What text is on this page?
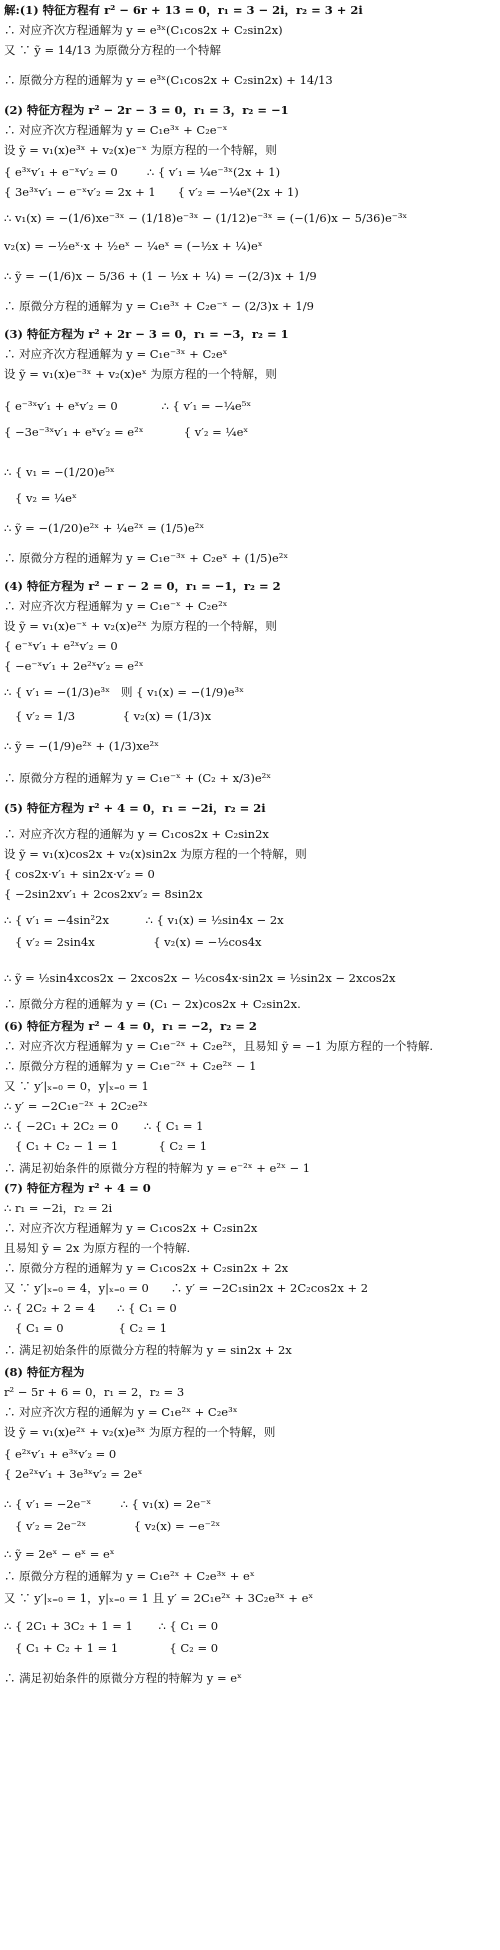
解:(1) 特征方程有 r² − 6r + 13 = 0，r₁ = 3 − 2i，r₂ = 3 + 2i
∴ 对应齐次方程通解为 y = e³ˣ(C₁cos2x + C₂sin2x)
又 ∵ ỹ = 14/13 为原微分方程的一个特解
∴ 原微分方程的通解为 y = e³ˣ(C₁cos2x + C₂sin2x) + 14/13
(2) 特征方程为 r² − 2r − 3 = 0，r₁ = 3，r₂ = −1
∴ 对应齐次方程通解为 y = C₁e³ˣ + C₂e⁻ˣ
设 ỹ = v₁(x)e³ˣ + v₂(x)e⁻ˣ 为原方程的一个特解，则
{ e³ˣv′₁ + e⁻ˣv′₂ = 0        ∴ { v′₁ = ¼e⁻³ˣ(2x + 1)
{ 3e³ˣv′₁ − e⁻ˣv′₂ = 2x + 1      { v′₂ = −¼eˣ(2x + 1)
∴ v₁(x) = −(1/6)xe⁻³ˣ − (1/18)e⁻³ˣ − (1/12)e⁻³ˣ = (−(1/6)x − 5/36)e⁻³ˣ
v₂(x) = −½eˣ·x + ½eˣ − ¼eˣ = (−½x + ¼)eˣ
∴ ỹ = −(1/6)x − 5/36 + (1 − ½x + ¼) = −(2/3)x + 1/9
∴ 原微分方程的通解为 y = C₁e³ˣ + C₂e⁻ˣ − (2/3)x + 1/9
(3) 特征方程为 r² + 2r − 3 = 0，r₁ = −3，r₂ = 1
∴ 对应齐次方程通解为 y = C₁e⁻³ˣ + C₂eˣ
设 ỹ = v₁(x)e⁻³ˣ + v₂(x)eˣ 为原方程的一个特解，则
{ e⁻³ˣv′₁ + eˣv′₂ = 0            ∴ { v′₁ = −¼e⁵ˣ
{ −3e⁻³ˣv′₁ + eˣv′₂ = e²ˣ           { v′₂ = ¼eˣ
∴ { v₁ = −(1/20)e⁵ˣ
{ v₂ = ¼eˣ
∴ ỹ = −(1/20)e²ˣ + ¼e²ˣ = (1/5)e²ˣ
∴ 原微分方程的通解为 y = C₁e⁻³ˣ + C₂eˣ + (1/5)e²ˣ
(4) 特征方程为 r² − r − 2 = 0，r₁ = −1，r₂ = 2
∴ 对应齐次方程通解为 y = C₁e⁻ˣ + C₂e²ˣ
设 ỹ = v₁(x)e⁻ˣ + v₂(x)e²ˣ 为原方程的一个特解，则
{ e⁻ˣv′₁ + e²ˣv′₂ = 0
{ −e⁻ˣv′₁ + 2e²ˣv′₂ = e²ˣ
∴ { v′₁ = −(1/3)e³ˣ   则 { v₁(x) = −(1/9)e³ˣ
{ v′₂ = 1/3             { v₂(x) = (1/3)x
∴ ỹ = −(1/9)e²ˣ + (1/3)xe²ˣ
∴ 原微分方程的通解为 y = C₁e⁻ˣ + (C₂ + x/3)e²ˣ
(5) 特征方程为 r² + 4 = 0，r₁ = −2i，r₂ = 2i
∴ 对应齐次方程的通解为 y = C₁cos2x + C₂sin2x
设 ỹ = v₁(x)cos2x + v₂(x)sin2x 为原方程的一个特解，则
{ cos2x·v′₁ + sin2x·v′₂ = 0
{ −2sin2xv′₁ + 2cos2xv′₂ = 8sin2x
∴ { v′₁ = −4sin²2x          ∴ { v₁(x) = ½sin4x − 2x
{ v′₂ = 2sin4x                { v₂(x) = −½cos4x
∴ ỹ = ½sin4xcos2x − 2xcos2x − ½cos4x·sin2x = ½sin2x − 2xcos2x
∴ 原微分方程的通解为 y = (C₁ − 2x)cos2x + C₂sin2x.
(6) 特征方程为 r² − 4 = 0，r₁ = −2，r₂ = 2
∴ 对应齐次方程通解为 y = C₁e⁻²ˣ + C₂e²ˣ，且易知 ỹ = −1 为原方程的一个特解.
∴ 原微分方程的通解为 y = C₁e⁻²ˣ + C₂e²ˣ − 1
又 ∵ y′|ₓ₌₀ = 0，y|ₓ₌₀ = 1
∴ y′ = −2C₁e⁻²ˣ + 2C₂e²ˣ
∴ { −2C₁ + 2C₂ = 0       ∴ { C₁ = 1
{ C₁ + C₂ − 1 = 1           { C₂ = 1
∴ 满足初始条件的原微分方程的特解为 y = e⁻²ˣ + e²ˣ − 1
(7) 特征方程为 r² + 4 = 0
∴ r₁ = −2i，r₂ = 2i
∴ 对应齐次方程通解为 y = C₁cos2x + C₂sin2x
且易知 ỹ = 2x 为原方程的一个特解.
∴ 原微分方程的通解为 y = C₁cos2x + C₂sin2x + 2x
又 ∵ y′|ₓ₌₀ = 4，y|ₓ₌₀ = 0      ∴ y′ = −2C₁sin2x + 2C₂cos2x + 2
∴ { 2C₂ + 2 = 4      ∴ { C₁ = 0
{ C₁ = 0               { C₂ = 1
∴ 满足初始条件的原微分方程的特解为 y = sin2x + 2x
(8) 特征方程为
r² − 5r + 6 = 0，r₁ = 2，r₂ = 3
∴ 对应齐次方程的通解为 y = C₁e²ˣ + C₂e³ˣ
设 ỹ = v₁(x)e²ˣ + v₂(x)e³ˣ 为原方程的一个特解，则
{ e²ˣv′₁ + e³ˣv′₂ = 0
{ 2e²ˣv′₁ + 3e³ˣv′₂ = 2eˣ
∴ { v′₁ = −2e⁻ˣ        ∴ { v₁(x) = 2e⁻ˣ
{ v′₂ = 2e⁻²ˣ             { v₂(x) = −e⁻²ˣ
∴ ỹ = 2eˣ − eˣ = eˣ
∴ 原微分方程的通解为 y = C₁e²ˣ + C₂e³ˣ + eˣ
又 ∵ y′|ₓ₌₀ = 1，y|ₓ₌₀ = 1 且 y′ = 2C₁e²ˣ + 3C₂e³ˣ + eˣ
∴ { 2C₁ + 3C₂ + 1 = 1       ∴ { C₁ = 0
{ C₁ + C₂ + 1 = 1              { C₂ = 0
∴ 满足初始条件的原微分方程的特解为 y = eˣ
